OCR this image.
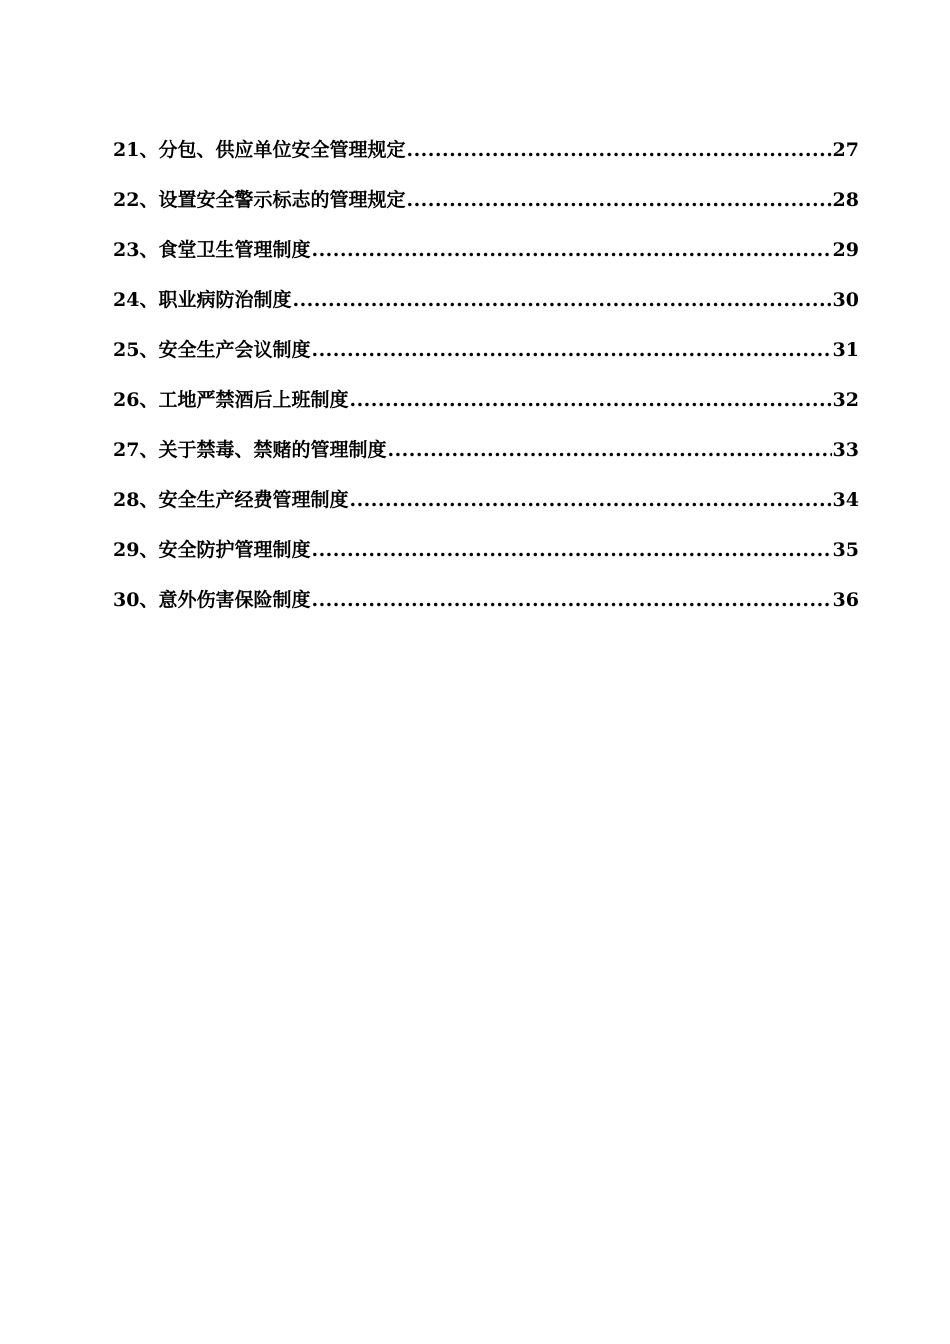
21、分包、供应单位安全管理规定 .....	27
22、设置安全警示标志的管理规定 .....	28
23、食堂卫生管理制度 .....	29
24、职业病防治制度 .....	30
25、安全生产会议制度 .....	31
26、工地严禁酒后上班制度 .....	32
27、关于禁毒、禁赌的管理制度 .....	33
28、安全生产经费管理制度 .....	34
29、安全防护管理制度 .....	35
30、意外伤害保险制度 .....	36
